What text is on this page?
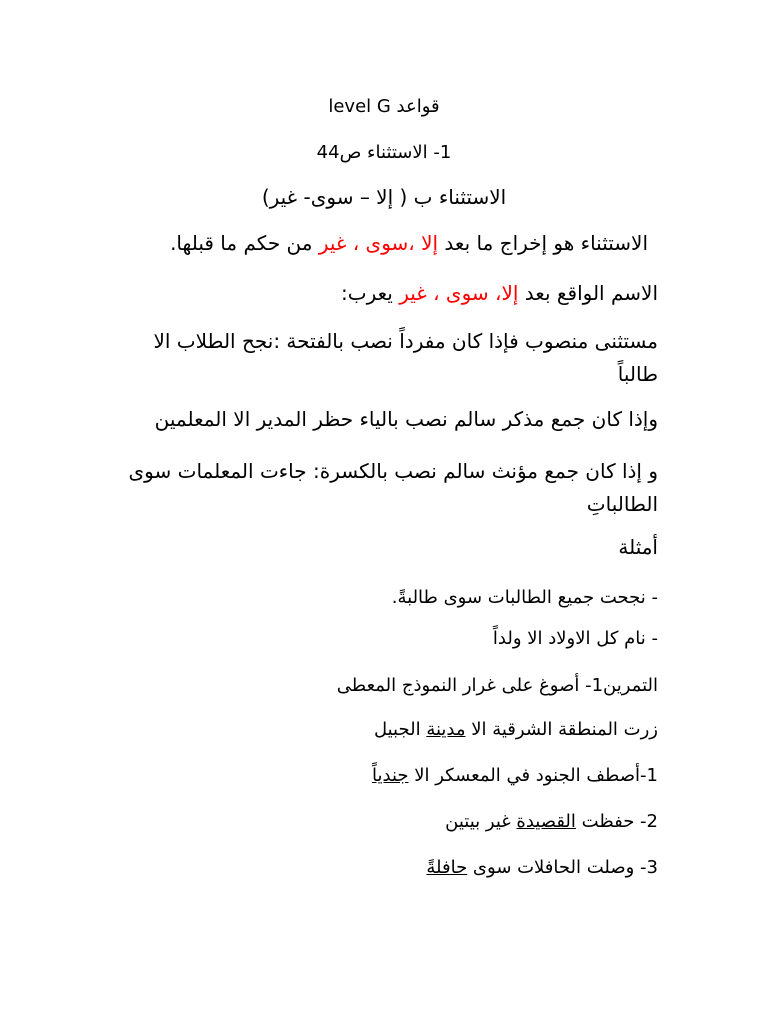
قواعد level G
1- الاستثناء ص44
الاستثناء ب ( إلا – سوى- غير)
الاستثناء هو إخراج ما بعد إلا ،سوى ، غير من حكم ما قبلها.
الاسم الواقع بعد إلا، سوى ، غير يعرب:
مستثنى منصوب فإذا كان مفرداً نصب بالفتحة :نجح الطلاب الا طالباً
وإذا كان جمع مذكر سالم نصب بالياء حظر المدير الا المعلمين
و إذا كان جمع مؤنث سالم نصب بالكسرة: جاءت المعلمات سوى الطالباتِ
أمثلة
- نجحت جميع الطالبات سوى طالبةً.
- نام كل الاولاد الا ولداً
التمرين1- أصوغ على غرار النموذج المعطى
زرت المنطقة الشرقية الا مدينة الجبيل
1-أصطف الجنود في المعسكر الا جندياً
2- حفظت القصيدة غير بيتين
3- وصلت الحافلات سوى حافلةً
